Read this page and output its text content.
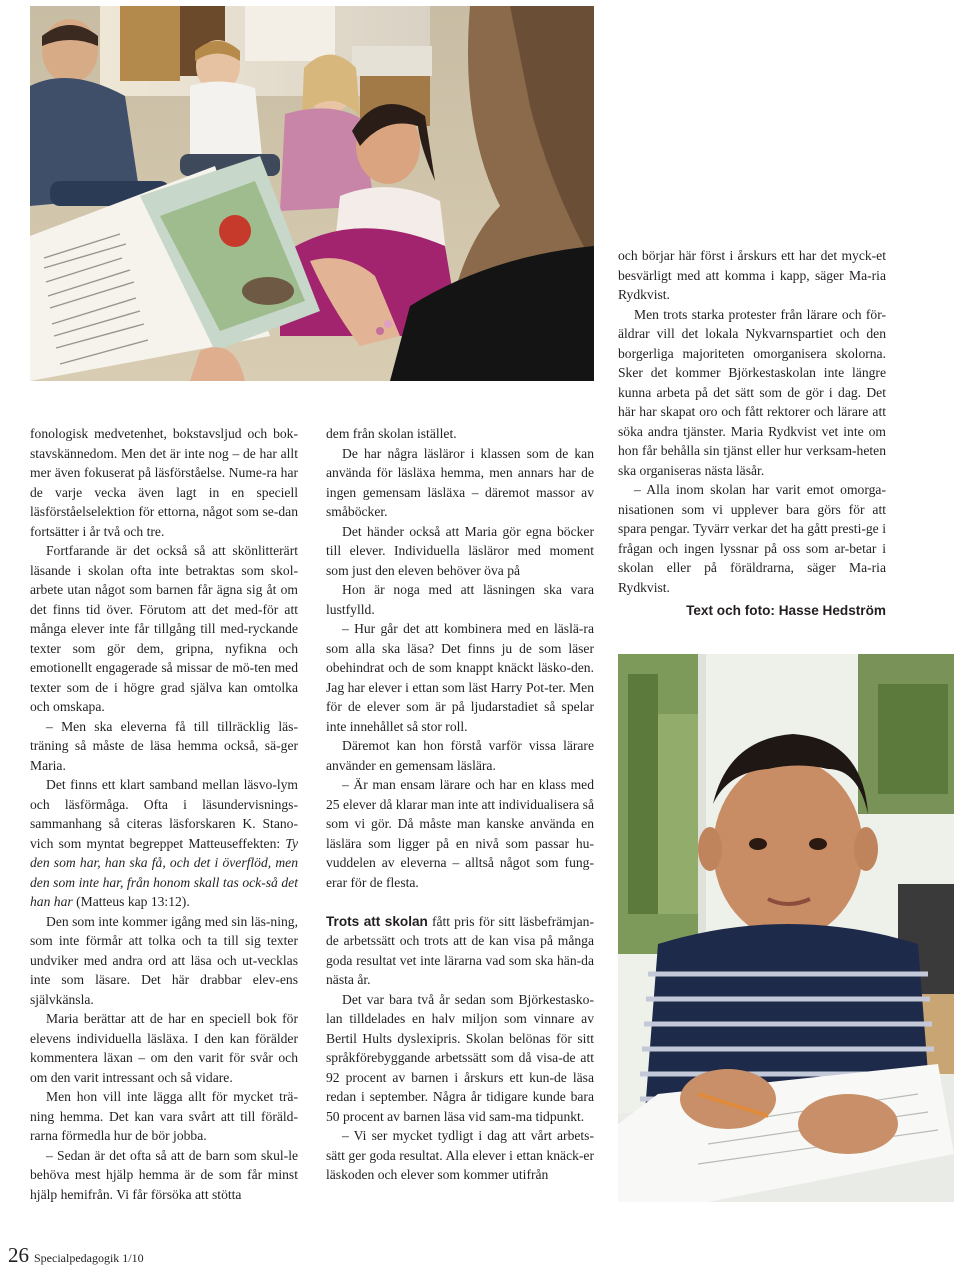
fonologisk medvetenhet, bokstavsljud och bok-stavskännedom. Men det är inte nog – de har allt mer även fokuserat på läsförståelse. Nume-ra har de varje vecka även lagt in en speciell läsförståelselektion för ettorna, något som se-dan fortsätter i år två och tre.

Fortfarande är det också så att skönlitterärt läsande i skolan ofta inte betraktas som skol-arbete utan något som barnen får ägna sig åt om det finns tid över. Förutom att det med-för att många elever inte får tillgång till med-ryckande texter som gör dem, gripna, nyfikna och emotionellt engagerade så missar de mö-ten med texter som de i högre grad själva kan omtolka och omskapa.

– Men ska eleverna få till tillräcklig läs-träning så måste de läsa hemma också, sä-ger Maria.

Det finns ett klart samband mellan läsvo-lym och läsförmåga. Ofta i läsundervisnings-sammanhang så citeras läsforskaren K. Stano-vich som myntat begreppet Matteuseffekten: Ty den som har, han ska få, och det i överflöd, men den som inte har, från honom skall tas ock-så det han har (Matteus kap 13:12).

Den som inte kommer igång med sin läs-ning, som inte förmår att tolka och ta till sig texter undviker med andra ord att läsa och ut-vecklas inte som läsare. Det här drabbar elev-ens självkänsla.

Maria berättar att de har en speciell bok för elevens individuella läsläxa. I den kan förälder kommentera läxan – om den varit för svår och om den varit intressant och så vidare.

Men hon vill inte lägga allt för mycket trä-ning hemma. Det kan vara svårt att till föräld-rarna förmedla hur de bör jobba.

– Sedan är det ofta så att de barn som skul-le behöva mest hjälp hemma är de som får minst hjälp hemifrån. Vi får försöka att stötta

dem från skolan istället.

De har några läsläror i klassen som de kan använda för läsläxa hemma, men annars har de ingen gemensam läsläxa – däremot massor av småböcker.

Det händer också att Maria gör egna böcker till elever. Individuella läsläror med moment som just den eleven behöver öva på

Hon är noga med att läsningen ska vara lustfylld.

– Hur går det att kombinera med en läslä-ra som alla ska läsa? Det finns ju de som läser obehindrat och de som knappt knäckt läsko-den. Jag har elever i ettan som läst Harry Pot-ter. Men för de elever som är på ljudarstadiet så spelar inte innehållet så stor roll.

Däremot kan hon förstå varför vissa lärare använder en gemensam läslära.

– Är man ensam lärare och har en klass med 25 elever då klarar man inte att individualisera så som vi gör. Då måste man kanske använda en läslära som ligger på en nivå som passar hu-vuddelen av eleverna – alltså något som fung-erar för de flesta.

Trots att skolan fått pris för sitt läsbefrämjan-de arbetssätt och trots att de kan visa på många goda resultat vet inte lärarna vad som ska hän-da nästa år.

Det var bara två år sedan som Björkestasko-lan tilldelades en halv miljon som vinnare av Bertil Hults dyslexipris. Skolan belönas för sitt språkförebyggande arbetssätt som då visa-de att 92 procent av barnen i årskurs ett kun-de läsa redan i september. Några år tidigare kunde bara 50 procent av barnen läsa vid sam-ma tidpunkt.

– Vi ser mycket tydligt i dag att vårt arbets-sätt ger goda resultat. Alla elever i ettan knäck-er läskoden och elever som kommer utifrån

och börjar här först i årskurs ett har det myck-et besvärligt med att komma i kapp, säger Ma-ria Rydkvist.

Men trots starka protester från lärare och för-äldrar vill det lokala Nykvarnspartiet och den borgerliga majoriteten omorganisera skolorna. Sker det kommer Björkestaskolan inte längre kunna arbeta på det sätt som de gör i dag. Det här har skapat oro och fått rektorer och lärare att söka andra tjänster. Maria Rydkvist vet inte om hon får behålla sin tjänst eller hur verksam-heten ska organiseras nästa läsår.

– Alla inom skolan har varit emot omorga-nisationen som vi upplever bara görs för att spara pengar. Tyvärr verkar det ha gått presti-ge i frågan och ingen lyssnar på oss som ar-betar i skolan eller på föräldrarna, säger Ma-ria Rydkvist.

Text och foto: Hasse Hedström

26 Specialpedagogik 1/10
